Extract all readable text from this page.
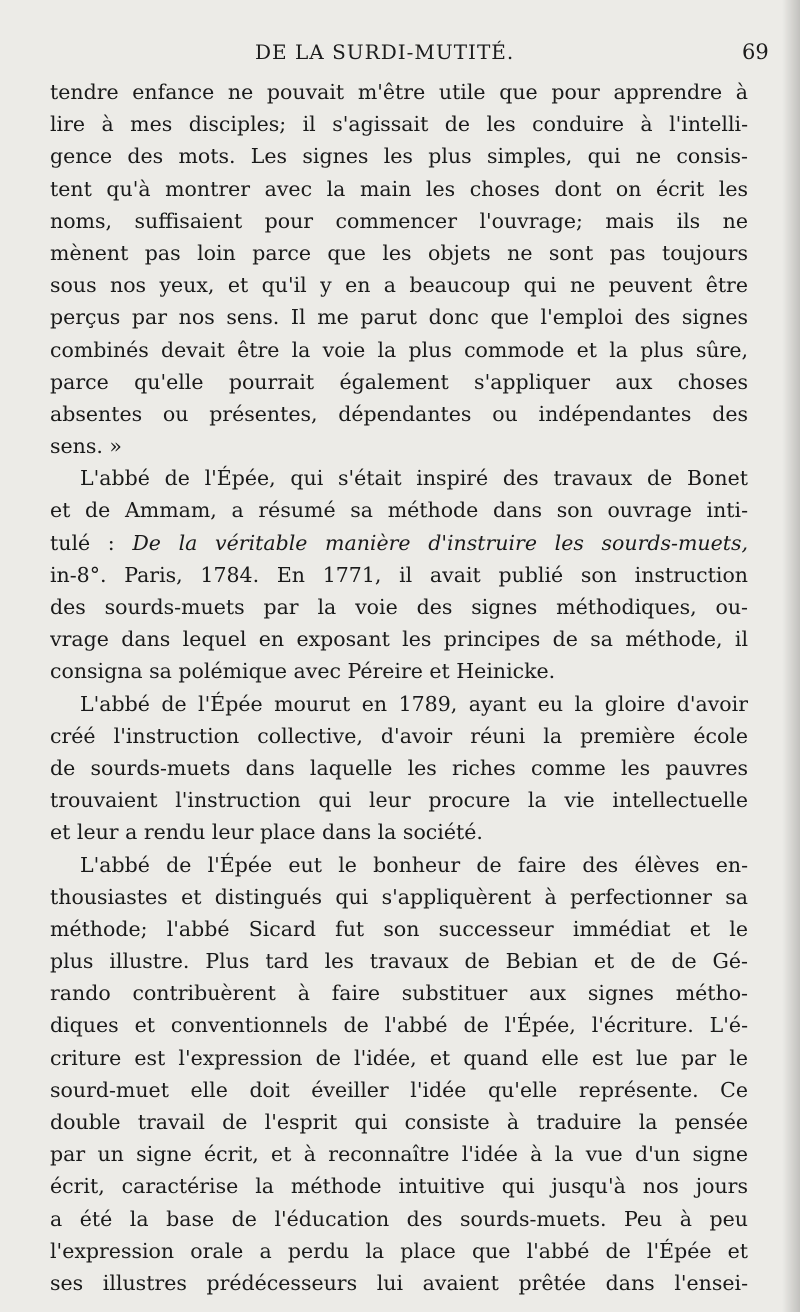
DE LA SURDI-MUTITÉ.	69
tendre enfance ne pouvait m'être utile que pour apprendre à
lire à mes disciples; il s'agissait de les conduire à l'intelli-
gence des mots. Les signes les plus simples, qui ne consis-
tent qu'à montrer avec la main les choses dont on écrit les
noms, suffisaient pour commencer l'ouvrage; mais ils ne
mènent pas loin parce que les objets ne sont pas toujours
sous nos yeux, et qu'il y en a beaucoup qui ne peuvent être
perçus par nos sens. Il me parut donc que l'emploi des signes
combinés devait être la voie la plus commode et la plus sûre,
parce qu'elle pourrait également s'appliquer aux choses
absentes ou présentes, dépendantes ou indépendantes des
sens. »
L'abbé de l'Épée, qui s'était inspiré des travaux de Bonet
et de Ammam, a résumé sa méthode dans son ouvrage inti-
tulé : De la véritable manière d'instruire les sourds-muets,
in-8°. Paris, 1784. En 1771, il avait publié son instruction
des sourds-muets par la voie des signes méthodiques, ou-
vrage dans lequel en exposant les principes de sa méthode, il
consigna sa polémique avec Péreire et Heinicke.
L'abbé de l'Épée mourut en 1789, ayant eu la gloire d'avoir
créé l'instruction collective, d'avoir réuni la première école
de sourds-muets dans laquelle les riches comme les pauvres
trouvaient l'instruction qui leur procure la vie intellectuelle
et leur a rendu leur place dans la société.
L'abbé de l'Épée eut le bonheur de faire des élèves en-
thousiastes et distingués qui s'appliquèrent à perfectionner sa
méthode; l'abbé Sicard fut son successeur immédiat et le
plus illustre. Plus tard les travaux de Bebian et de de Gé-
rando contribuèrent à faire substituer aux signes métho-
diques et conventionnels de l'abbé de l'Épée, l'écriture. L'é-
criture est l'expression de l'idée, et quand elle est lue par le
sourd-muet elle doit éveiller l'idée qu'elle représente. Ce
double travail de l'esprit qui consiste à traduire la pensée
par un signe écrit, et à reconnaître l'idée à la vue d'un signe
écrit, caractérise la méthode intuitive qui jusqu'à nos jours
a été la base de l'éducation des sourds-muets. Peu à peu
l'expression orale a perdu la place que l'abbé de l'Épée et
ses illustres prédécesseurs lui avaient prêtée dans l'ensei-
